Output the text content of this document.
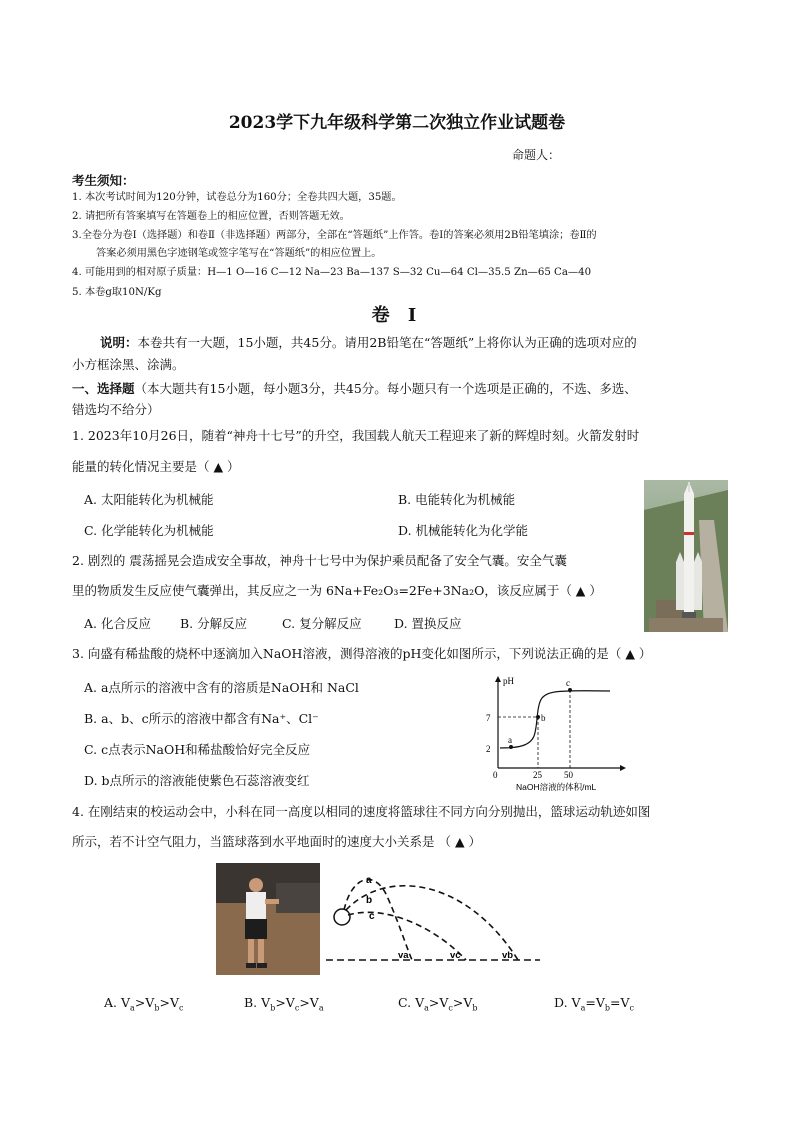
2023学下九年级科学第二次独立作业试题卷
命题人：
考生须知：
1. 本次考试时间为120分钟，试卷总分为160分；全卷共四大题，35题。
2. 请把所有答案填写在答题卷上的相应位置，否则答题无效。
3.全卷分为卷Ⅰ（选择题）和卷Ⅱ（非选择题）两部分，全部在“答题纸”上作答。卷Ⅰ的答案必须用2B铅笔填涂；卷Ⅱ的
答案必须用黑色字迹钢笔或签字笔写在“答题纸”的相应位置上。
4. 可能用到的相对原子质量：H—1 O—16 C—12 Na—23 Ba—137 S—32 Cu—64 Cl—35.5 Zn—65 Ca—40
5. 本卷g取10N/Kg
卷 Ⅰ
说明：本卷共有一大题，15小题，共45分。请用2B铅笔在“答题纸”上将你认为正确的选项对应的
小方框涂黑、涂满。
一、选择题（本大题共有15小题，每小题3分，共45分。每小题只有一个选项是正确的，不选、多选、
错选均不给分）
1. 2023年10月26日，随着“神舟十七号”的升空，我国载人航天工程迎来了新的辉煌时刻。火箭发射时
能量的转化情况主要是（ ▲ ）
A. 太阳能转化为机械能	B. 电能转化为机械能
C. 化学能转化为机械能	D. 机械能转化为化学能
2. 剧烈的 震荡摇晃会造成安全事故，神舟十七号中为保护乘员配备了安全气囊。安全气囊
里的物质发生反应使气囊弹出，其反应之一为 6Na+Fe₂O₃=2Fe+3Na₂O，该反应属于（ ▲ ）
A. 化合反应 B. 分解反应	C. 复分解反应	D. 置换反应
3. 向盛有稀盐酸的烧杯中逐滴加入NaOH溶液，测得溶液的pH变化如图所示，下列说法正确的是（ ▲ ）
A. a点所示的溶液中含有的溶质是NaOH和 NaCl
B. a、b、c所示的溶液中都含有Na⁺、Cl⁻
C. c点表示NaOH和稀盐酸恰好完全反应
D. b点所示的溶液能使紫色石蕊溶液变红
pH
7
2
0	25 50
NaOH溶液的体积/mL
a
b
c
4. 在刚结束的校运动会中，小科在同一高度以相同的速度将篮球往不同方向分别抛出，篮球运动轨迹如图
所示，若不计空气阻力，当篮球落到水平地面时的速度大小关系是 （ ▲ ）
a
b
c
va	vc	vb
A. $V_a>V_b>V_c$	B. $V_b>V_c>V_a$	C. $V_a>V_c>V_b$	D. $V_a=V_b=V_c$
